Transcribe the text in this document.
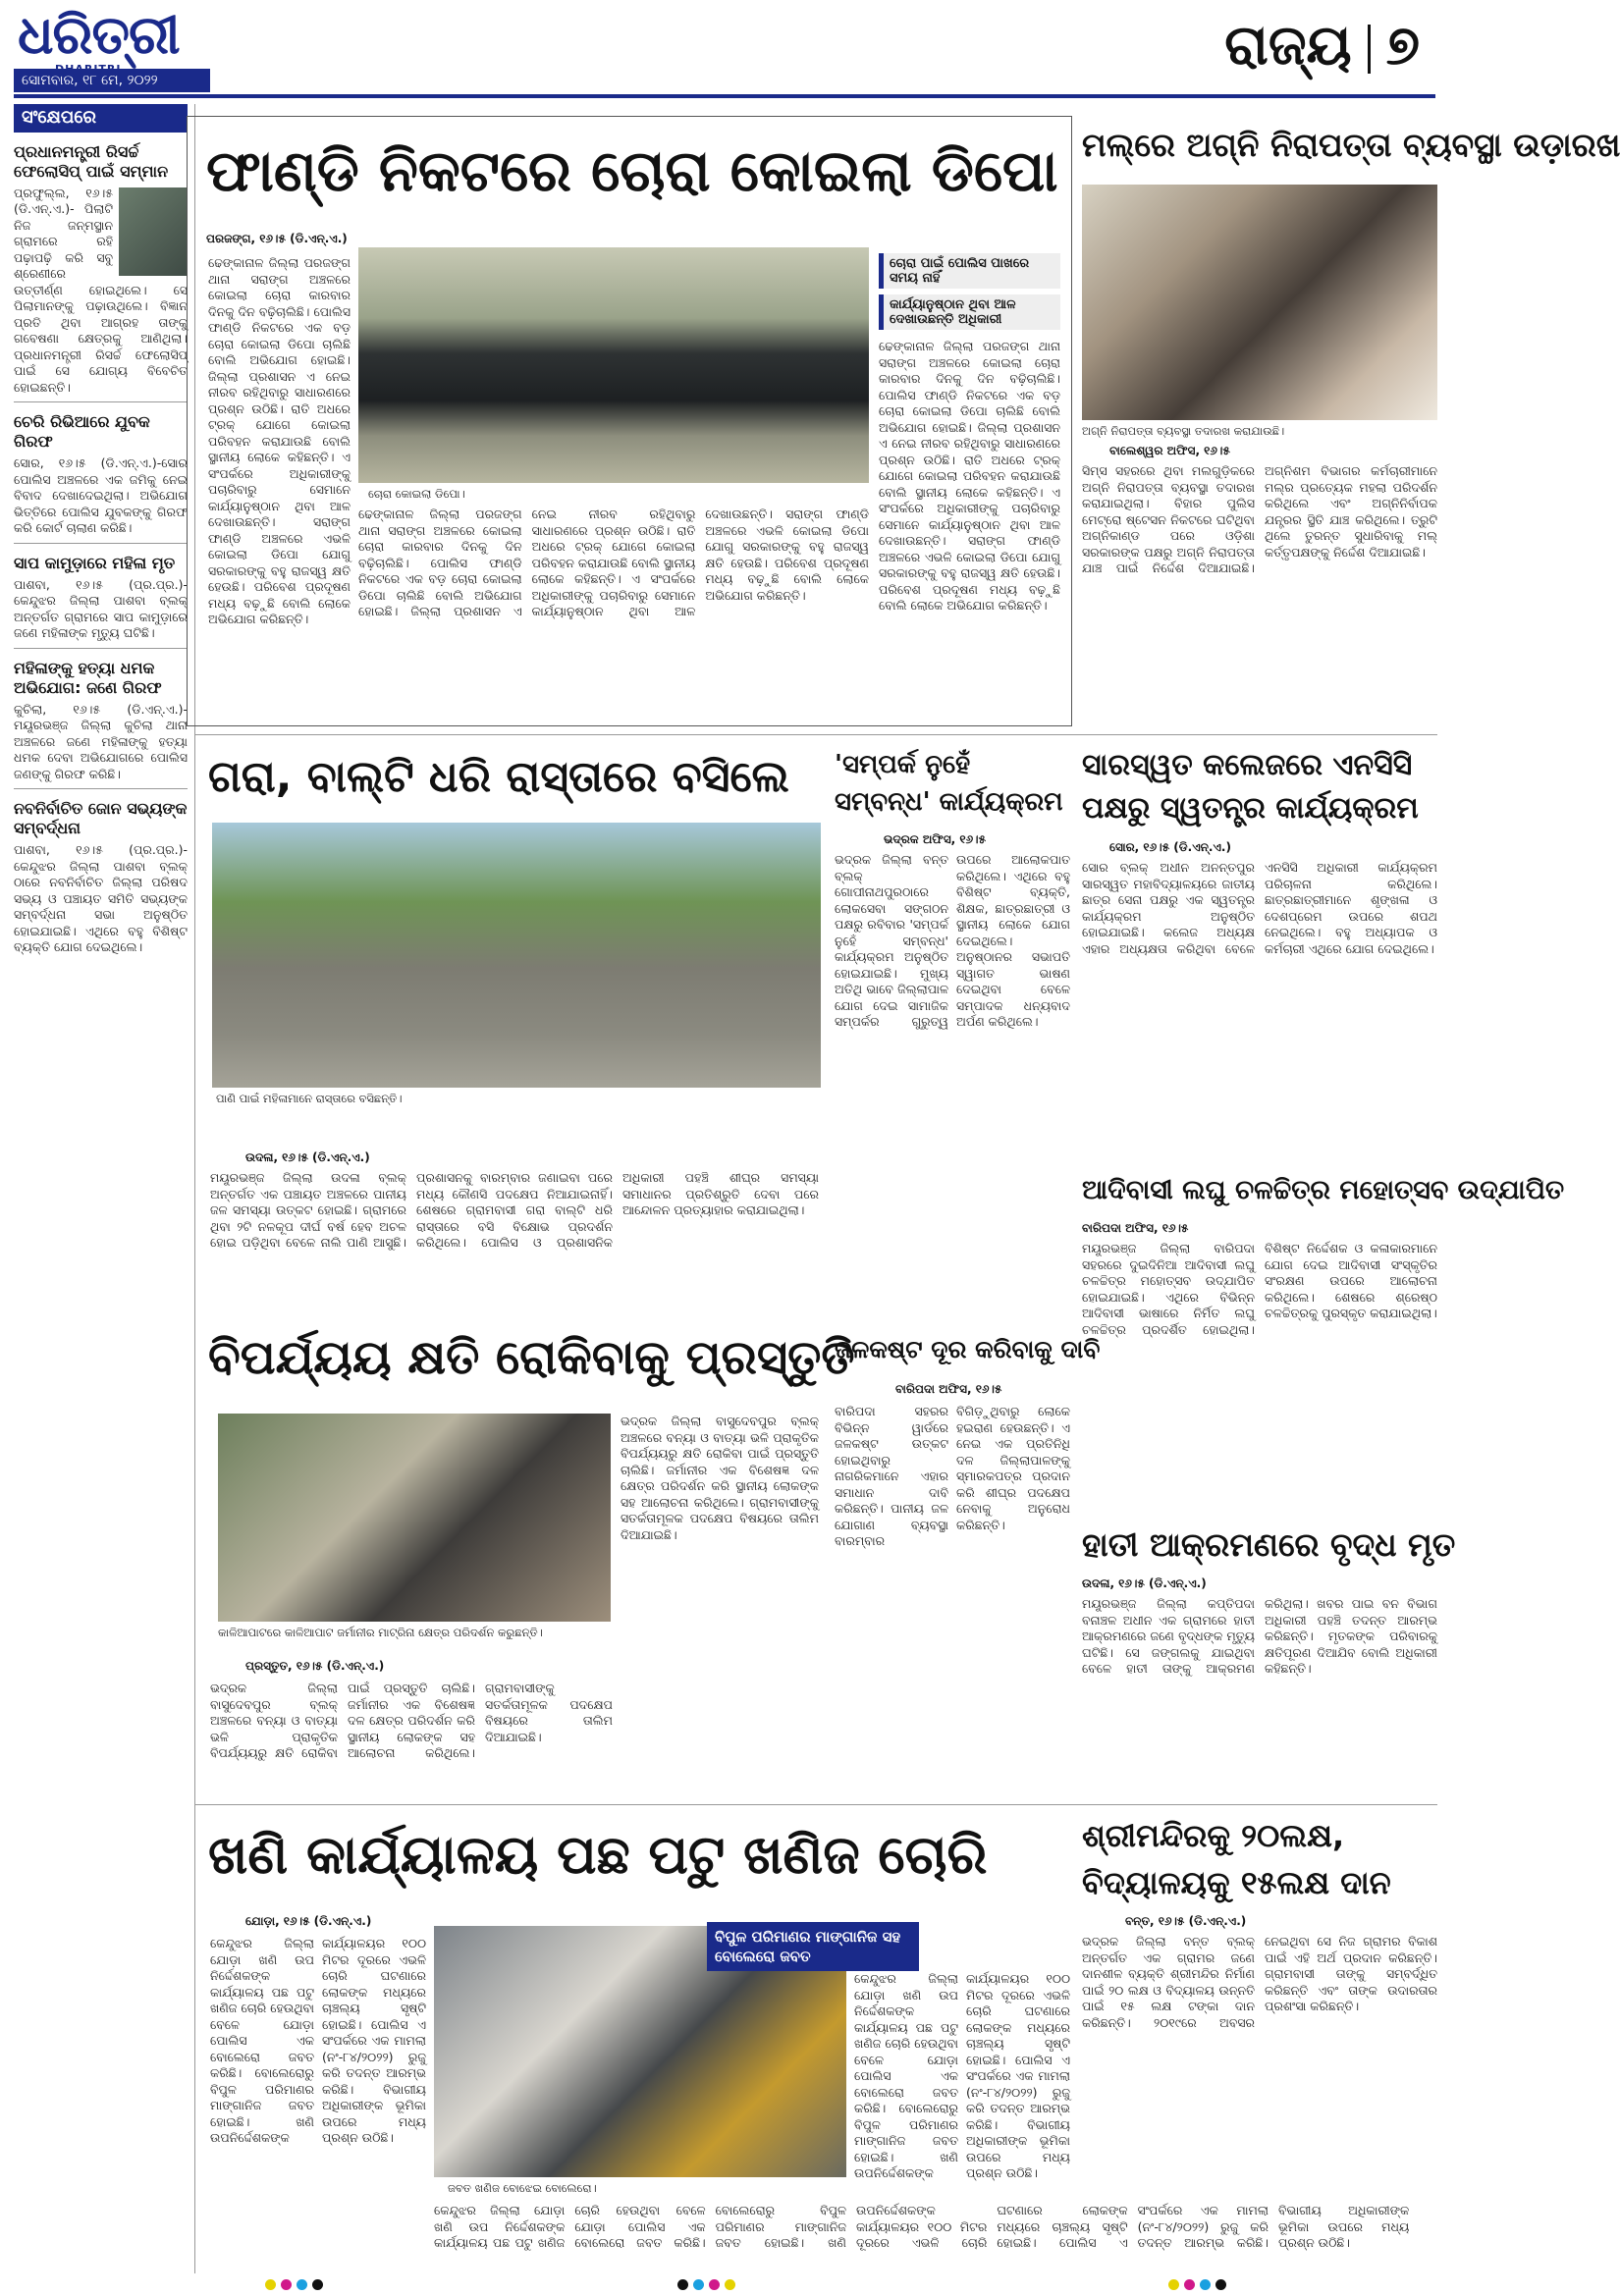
ଧରିତ୍ରୀ
ସୋମବାର, ୧୮ ମେ, ୨୦୨୨
ରାଜ୍ୟ ୭
ସଂକ୍ଷେପରେ
ପ୍ରଧାନମନ୍ତ୍ରୀ ରିସର୍ଚ୍ଚ ଫେଲୋସିପ୍ ପାଇଁ ସମ୍ମାନ

ପ୍ରଫୁଲ୍ଲ, ୧୬।୫ (ଡି.ଏନ୍.ଏ.)- ପିଲାଟି ନିଜ ଜନ୍ମସ୍ଥାନ ଗ୍ରାମରେ ରହି ପଢ଼ାପଢ଼ି କରି ସବୁ ଶ୍ରେଣୀରେ ଉତ୍ତୀର୍ଣ୍ଣ ହୋଇଥିଲେ। ସେ ପିଲାମାନଙ୍କୁ ପଢ଼ାଉଥିଲେ। ବିଜ୍ଞାନ ପ୍ରତି ଥିବା ଆଗ୍ରହ ତାଙ୍କୁ ଗବେଷଣା କ୍ଷେତ୍ରକୁ ଆଣିଥିଲା। ପ୍ରଧାନମନ୍ତ୍ରୀ ରିସର୍ଚ୍ଚ ଫେଲୋସିପ୍ ପାଇଁ ସେ ଯୋଗ୍ୟ ବିବେଚିତ ହୋଇଛନ୍ତି।

ଚେରି ରିଭିଆରେ ଯୁବକ ଗିରଫ

ସୋର, ୧୬।୫ (ଡି.ଏନ୍.ଏ.)-ସୋର ପୋଲିସ ଅଞ୍ଚଳରେ ଏକ ଜମିକୁ ନେଇ ବିବାଦ ଦେଖାଦେଇଥିଲା। ଅଭିଯୋଗ ଭିତ୍ତିରେ ପୋଲିସ ଯୁବକଙ୍କୁ ଗିରଫ କରି କୋର୍ଟ ଚାଲାଣ କରିଛି।

ସାପ କାମୁଡ଼ାରେ ମହିଳା ମୃତ

ପାଶବା, ୧୬।୫ (ପ୍ର.ପ୍ର.)- କେନ୍ଦୁଝର ଜିଲ୍ଲା ପାଶବା ବ୍ଲକ୍ ଅନ୍ତର୍ଗତ ଗ୍ରାମରେ ସାପ କାମୁଡ଼ାରେ ଜଣେ ମହିଳାଙ୍କ ମୃତ୍ୟୁ ଘଟିଛି।

ମହିଳାଙ୍କୁ ହତ୍ୟା ଧମକ ଅଭିଯୋଗ: ଜଣେ ଗିରଫ

କୁଚିଲା, ୧୬।୫ (ଡି.ଏନ୍.ଏ.)- ମୟୂରଭଞ୍ଜ ଜିଲ୍ଲା କୁଚିଲା ଥାନା ଅଞ୍ଚଳରେ ଜଣେ ମହିଳାଙ୍କୁ ହତ୍ୟା ଧମକ ଦେବା ଅଭିଯୋଗରେ ପୋଲିସ ଜଣଙ୍କୁ ଗିରଫ କରିଛି।

ନବନିର୍ବାଚିତ ଜୋନ ସଭ୍ୟଙ୍କ ସମ୍ବର୍ଦ୍ଧନା

ପାଶବା, ୧୬।୫ (ପ୍ର.ପ୍ର.)- କେନ୍ଦୁଝର ଜିଲ୍ଲା ପାଶବା ବ୍ଲକ୍ ଠାରେ ନବନିର୍ବାଚିତ ଜିଲ୍ଲା ପରିଷଦ ସଭ୍ୟ ଓ ପଞ୍ଚାୟତ ସମିତି ସଭ୍ୟଙ୍କ ସମ୍ବର୍ଦ୍ଧନା ସଭା ଅନୁଷ୍ଠିତ ହୋଇଯାଇଛି। ଏଥିରେ ବହୁ ବିଶିଷ୍ଟ ବ୍ୟକ୍ତି ଯୋଗ ଦେଇଥିଲେ।

ଫାଣ୍ଡି ନିକଟରେ ଚୋରା କୋଇଲା ଡିପୋ
ପରଜଙ୍ଗ, ୧୬।୫ (ଡି.ଏନ୍.ଏ.)
ଚୋରା କୋଇଲା ଡିପୋ।
ଚୋରା ପାଇଁ ପୋଲିସ ପାଖରେ ସମୟ ନାହିଁ
କାର୍ଯ୍ୟାନୁଷ୍ଠାନ ଥିବା ଆଳ ଦେଖାଉଛନ୍ତି ଅଧିକାରୀ
ଢେଙ୍କାନାଳ ଜିଲ୍ଲା ପରଜଙ୍ଗ ଥାନା ସରାଙ୍ଗ ଅଞ୍ଚଳରେ କୋଇଲା ଚୋରା କାରବାର ଦିନକୁ ଦିନ ବଢ଼ିଚାଲିଛି। ପୋଲିସ ଫାଣ୍ଡି ନିକଟରେ ଏକ ବଡ଼ ଚୋରା କୋଇଲା ଡିପୋ ଚାଲିଛି ବୋଲି ଅଭିଯୋଗ ହୋଇଛି। ଜିଲ୍ଲା ପ୍ରଶାସନ ଏ ନେଇ ନୀରବ ରହିଥିବାରୁ ସାଧାରଣରେ ପ୍ରଶ୍ନ ଉଠିଛି। ରାତି ଅଧରେ ଟ୍ରକ୍ ଯୋଗେ କୋଇଲା ପରିବହନ କରାଯାଉଛି ବୋଲି ସ୍ଥାନୀୟ ଲୋକେ କହିଛନ୍ତି। ଏ ସଂପର୍କରେ ଅଧିକାରୀଙ୍କୁ ପଚାରିବାରୁ ସେମାନେ କାର୍ଯ୍ୟାନୁଷ୍ଠାନ ଥିବା ଆଳ ଦେଖାଉଛନ୍ତି। ସରାଙ୍ଗ ଫାଣ୍ଡି ଅଞ୍ଚଳରେ ଏଭଳି କୋଇଲା ଡିପୋ ଯୋଗୁ ସରକାରଙ୍କୁ ବହୁ ରାଜସ୍ୱ କ୍ଷତି ହେଉଛି। ପରିବେଶ ପ୍ରଦୂଷଣ ମଧ୍ୟ ବଢ଼ୁଛି ବୋଲି ଲୋକେ ଅଭିଯୋଗ କରିଛନ୍ତି।
ଢେଙ୍କାନାଳ ଜିଲ୍ଲା ପରଜଙ୍ଗ ଥାନା ସରାଙ୍ଗ ଅଞ୍ଚଳରେ କୋଇଲା ଚୋରା କାରବାର ଦିନକୁ ଦିନ ବଢ଼ିଚାଲିଛି। ପୋଲିସ ଫାଣ୍ଡି ନିକଟରେ ଏକ ବଡ଼ ଚୋରା କୋଇଲା ଡିପୋ ଚାଲିଛି ବୋଲି ଅଭିଯୋଗ ହୋଇଛି। ଜିଲ୍ଲା ପ୍ରଶାସନ ଏ ନେଇ ନୀରବ ରହିଥିବାରୁ ସାଧାରଣରେ ପ୍ରଶ୍ନ ଉଠିଛି। ରାତି ଅଧରେ ଟ୍ରକ୍ ଯୋଗେ କୋଇଲା ପରିବହନ କରାଯାଉଛି ବୋଲି ସ୍ଥାନୀୟ ଲୋକେ କହିଛନ୍ତି। ଏ ସଂପର୍କରେ ଅଧିକାରୀଙ୍କୁ ପଚାରିବାରୁ ସେମାନେ କାର୍ଯ୍ୟାନୁଷ୍ଠାନ ଥିବା ଆଳ ଦେଖାଉଛନ୍ତି। ସରାଙ୍ଗ ଫାଣ୍ଡି ଅଞ୍ଚଳରେ ଏଭଳି କୋଇଲା ଡିପୋ ଯୋଗୁ ସରକାରଙ୍କୁ ବହୁ ରାଜସ୍ୱ କ୍ଷତି ହେଉଛି। ପରିବେଶ ପ୍ରଦୂଷଣ ମଧ୍ୟ ବଢ଼ୁଛି ବୋଲି ଲୋକେ ଅଭିଯୋଗ କରିଛନ୍ତି।
ଢେଙ୍କାନାଳ ଜିଲ୍ଲା ପରଜଙ୍ଗ ଥାନା ସରାଙ୍ଗ ଅଞ୍ଚଳରେ କୋଇଲା ଚୋରା କାରବାର ଦିନକୁ ଦିନ ବଢ଼ିଚାଲିଛି। ପୋଲିସ ଫାଣ୍ଡି ନିକଟରେ ଏକ ବଡ଼ ଚୋରା କୋଇଲା ଡିପୋ ଚାଲିଛି ବୋଲି ଅଭିଯୋଗ ହୋଇଛି। ଜିଲ୍ଲା ପ୍ରଶାସନ ଏ ନେଇ ନୀରବ ରହିଥିବାରୁ ସାଧାରଣରେ ପ୍ରଶ୍ନ ଉଠିଛି। ରାତି ଅଧରେ ଟ୍ରକ୍ ଯୋଗେ କୋଇଲା ପରିବହନ କରାଯାଉଛି ବୋଲି ସ୍ଥାନୀୟ ଲୋକେ କହିଛନ୍ତି। ଏ ସଂପର୍କରେ ଅଧିକାରୀଙ୍କୁ ପଚାରିବାରୁ ସେମାନେ କାର୍ଯ୍ୟାନୁଷ୍ଠାନ ଥିବା ଆଳ ଦେଖାଉଛନ୍ତି। ସରାଙ୍ଗ ଫାଣ୍ଡି ଅଞ୍ଚଳରେ ଏଭଳି କୋଇଲା ଡିପୋ ଯୋଗୁ ସରକାରଙ୍କୁ ବହୁ ରାଜସ୍ୱ କ୍ଷତି ହେଉଛି। ପରିବେଶ ପ୍ରଦୂଷଣ ମଧ୍ୟ ବଢ଼ୁଛି ବୋଲି ଲୋକେ ଅଭିଯୋଗ କରିଛନ୍ତି।
ମଲ୍ରେ ଅଗ୍ନି ନିରାପତ୍ତା ବ୍ୟବସ୍ଥା ଉଡ଼ାରଖ
ଅଗ୍ନି ନିରାପତ୍ତା ବ୍ୟବସ୍ଥା ତଦାରଖ କରାଯାଉଛି।
ବାଲେଶ୍ୱର ଅଫିସ, ୧୬।୫
ସିମ୍ସ ସହରରେ ଥିବା ମଲଗୁଡ଼ିକରେ ଅଗ୍ନି ନିରାପତ୍ତା ବ୍ୟବସ୍ଥା ତଦାରଖ କରାଯାଇଥିଲା। ବିହାର ପୁଲିସ ମେଟ୍ରୋ ଷ୍ଟେସନ ନିକଟରେ ଘଟିଥିବା ଅଗ୍ନିକାଣ୍ଡ ପରେ ଓଡ଼ିଶା ସରକାରଙ୍କ ପକ୍ଷରୁ ଅଗ୍ନି ନିରାପତ୍ତା ଯାଞ୍ଚ ପାଇଁ ନିର୍ଦ୍ଦେଶ ଦିଆଯାଇଛି। ଅଗ୍ନିଶମ ବିଭାଗର କର୍ମଚାରୀମାନେ ମଲ୍ର ପ୍ରତ୍ୟେକ ମହଲା ପରିଦର୍ଶନ କରିଥିଲେ ଏବଂ ଅଗ୍ନିନିର୍ବାପକ ଯନ୍ତ୍ରର ସ୍ଥିତି ଯାଞ୍ଚ କରିଥିଲେ। ତ୍ରୁଟି ଥିଲେ ତୁରନ୍ତ ସୁଧାରିବାକୁ ମଲ୍ କର୍ତ୍ତୃପକ୍ଷଙ୍କୁ ନିର୍ଦ୍ଦେଶ ଦିଆଯାଇଛି।
ଗରା, ବାଲ୍ଟି ଧରି ରାସ୍ତାରେ ବସିଲେ
ପାଣି ପାଇଁ ମହିଳାମାନେ ରାସ୍ତାରେ ବସିଛନ୍ତି।
ଉଦଳା, ୧୬।୫ (ଡି.ଏନ୍.ଏ.)
ମୟୂରଭଞ୍ଜ ଜିଲ୍ଲା ଉଦଳା ବ୍ଲକ୍ ଅନ୍ତର୍ଗତ ଏକ ପଞ୍ଚାୟତ ଅଞ୍ଚଳରେ ପାନୀୟ ଜଳ ସମସ୍ୟା ଉତ୍କଟ ହୋଇଛି। ଗ୍ରାମରେ ଥିବା ୨ଟି ନଳକୂପ ଦୀର୍ଘ ବର୍ଷ ହେବ ଅଚଳ ହୋଇ ପଡ଼ିଥିବା ବେଳେ ନାଲି ପାଣି ଆସୁଛି। ପ୍ରଶାସନକୁ ବାରମ୍ବାର ଜଣାଇବା ପରେ ମଧ୍ୟ କୌଣସି ପଦକ୍ଷେପ ନିଆଯାଇନାହିଁ। ଶେଷରେ ଗ୍ରାମବାସୀ ଗରା ବାଲ୍ଟି ଧରି ରାସ୍ତାରେ ବସି ବିକ୍ଷୋଭ ପ୍ରଦର୍ଶନ କରିଥିଲେ। ପୋଲିସ ଓ ପ୍ରଶାସନିକ ଅଧିକାରୀ ପହଞ୍ଚି ଶୀଘ୍ର ସମସ୍ୟା ସମାଧାନର ପ୍ରତିଶ୍ରୁତି ଦେବା ପରେ ଆନ୍ଦୋଳନ ପ୍ରତ୍ୟାହାର କରାଯାଇଥିଲା।
'ସମ୍ପର୍କ ନୁହେଁ ସମ୍ବନ୍ଧ' କାର୍ଯ୍ୟକ୍ରମ
ଭଦ୍ରକ ଅଫିସ, ୧୬।୫
ଭଦ୍ରକ ଜିଲ୍ଲା ବନ୍ତ ବ୍ଲକ୍ ଗୋପୀନାଥପୁରଠାରେ ଲୋକସେବା ସଙ୍ଗଠନ ପକ୍ଷରୁ ରବିବାର 'ସମ୍ପର୍କ ନୁହେଁ ସମ୍ବନ୍ଧ' କାର୍ଯ୍ୟକ୍ରମ ଅନୁଷ୍ଠିତ ହୋଇଯାଇଛି। ମୁଖ୍ୟ ଅତିଥି ଭାବେ ଜିଲ୍ଲାପାଳ ଯୋଗ ଦେଇ ସାମାଜିକ ସମ୍ପର୍କର ଗୁରୁତ୍ୱ ଉପରେ ଆଲୋକପାତ କରିଥିଲେ। ଏଥିରେ ବହୁ ବିଶିଷ୍ଟ ବ୍ୟକ୍ତି, ଶିକ୍ଷକ, ଛାତ୍ରଛାତ୍ରୀ ଓ ସ୍ଥାନୀୟ ଲୋକେ ଯୋଗ ଦେଇଥିଲେ। ଅନୁଷ୍ଠାନର ସଭାପତି ସ୍ୱାଗତ ଭାଷଣ ଦେଇଥିବା ବେଳେ ସମ୍ପାଦକ ଧନ୍ୟବାଦ ଅର୍ପଣ କରିଥିଲେ।
ସାରସ୍ୱତ କଲେଜରେ ଏନସିସି ପକ୍ଷରୁ ସ୍ୱତନ୍ତ୍ର କାର୍ଯ୍ୟକ୍ରମ
ସୋର, ୧୬।୫ (ଡି.ଏନ୍.ଏ.)
ସୋର ବ୍ଲକ୍ ଅଧୀନ ଅନନ୍ତପୁର ସାରସ୍ୱତ ମହାବିଦ୍ୟାଳୟରେ ଜାତୀୟ ଛାତ୍ର ସେନା ପକ୍ଷରୁ ଏକ ସ୍ୱତନ୍ତ୍ର କାର୍ଯ୍ୟକ୍ରମ ଅନୁଷ୍ଠିତ ହୋଇଯାଇଛି। କଲେଜ ଅଧ୍ୟକ୍ଷ ଏହାର ଅଧ୍ୟକ୍ଷତା କରିଥିବା ବେଳେ ଏନସିସି ଅଧିକାରୀ କାର୍ଯ୍ୟକ୍ରମ ପରିଚାଳନା କରିଥିଲେ। ଛାତ୍ରଛାତ୍ରୀମାନେ ଶୃଙ୍ଖଳା ଓ ଦେଶପ୍ରେମ ଉପରେ ଶପଥ ନେଇଥିଲେ। ବହୁ ଅଧ୍ୟାପକ ଓ କର୍ମଚାରୀ ଏଥିରେ ଯୋଗ ଦେଇଥିଲେ।
ଆଦିବାସୀ ଲଘୁ ଚଳଚ୍ଚିତ୍ର ମହୋତ୍ସବ ଉଦ୍ଯାପିତ
ବାରିପଦା ଅଫିସ, ୧୬।୫
ମୟୂରଭଞ୍ଜ ଜିଲ୍ଲା ବାରିପଦା ସହରରେ ଦୁଇଦିନିଆ ଆଦିବାସୀ ଲଘୁ ଚଳଚ୍ଚିତ୍ର ମହୋତ୍ସବ ଉଦ୍ଯାପିତ ହୋଇଯାଇଛି। ଏଥିରେ ବିଭିନ୍ନ ଆଦିବାସୀ ଭାଷାରେ ନିର୍ମିତ ଲଘୁ ଚଳଚ୍ଚିତ୍ର ପ୍ରଦର୍ଶିତ ହୋଇଥିଲା। ବିଶିଷ୍ଟ ନିର୍ଦ୍ଦେଶକ ଓ କଳାକାରମାନେ ଯୋଗ ଦେଇ ଆଦିବାସୀ ସଂସ୍କୃତିର ସଂରକ୍ଷଣ ଉପରେ ଆଲୋଚନା କରିଥିଲେ। ଶେଷରେ ଶ୍ରେଷ୍ଠ ଚଳଚ୍ଚିତ୍ରକୁ ପୁରସ୍କୃତ କରାଯାଇଥିଲା।
ହାତୀ ଆକ୍ରମଣରେ ବୃଦ୍ଧ ମୃତ
ଉଦଳା, ୧୬।୫ (ଡି.ଏନ୍.ଏ.)
ମୟୂରଭଞ୍ଜ ଜିଲ୍ଲା କପ୍ତିପଦା ବନାଞ୍ଚଳ ଅଧୀନ ଏକ ଗ୍ରାମରେ ହାତୀ ଆକ୍ରମଣରେ ଜଣେ ବୃଦ୍ଧଙ୍କ ମୃତ୍ୟୁ ଘଟିଛି। ସେ ଜଙ୍ଗଲକୁ ଯାଇଥିବା ବେଳେ ହାତୀ ତାଙ୍କୁ ଆକ୍ରମଣ କରିଥିଲା। ଖବର ପାଇ ବନ ବିଭାଗ ଅଧିକାରୀ ପହଞ୍ଚି ତଦନ୍ତ ଆରମ୍ଭ କରିଛନ୍ତି। ମୃତକଙ୍କ ପରିବାରକୁ କ୍ଷତିପୂରଣ ଦିଆଯିବ ବୋଲି ଅଧିକାରୀ କହିଛନ୍ତି।
ବିପର୍ଯ୍ୟୟ କ୍ଷତି ରୋକିବାକୁ ପ୍ରସ୍ତୁତି
କାଳିଆପାଟରେ କାଳିଆପାଟ ଜର୍ମାନୀର ମାଟ୍ରିନା କ୍ଷେତ୍ର ପରିଦର୍ଶନ କରୁଛନ୍ତି।
ପ୍ରସ୍ତୁତ, ୧୬।୫ (ଡି.ଏନ୍.ଏ.)
ଭଦ୍ରକ ଜିଲ୍ଲା ବାସୁଦେବପୁର ବ୍ଲକ୍ ଅଞ୍ଚଳରେ ବନ୍ୟା ଓ ବାତ୍ୟା ଭଳି ପ୍ରାକୃତିକ ବିପର୍ଯ୍ୟୟରୁ କ୍ଷତି ରୋକିବା ପାଇଁ ପ୍ରସ୍ତୁତି ଚାଲିଛି। ଜର୍ମାନୀର ଏକ ବିଶେଷଜ୍ଞ ଦଳ କ୍ଷେତ୍ର ପରିଦର୍ଶନ କରି ସ୍ଥାନୀୟ ଲୋକଙ୍କ ସହ ଆଲୋଚନା କରିଥିଲେ। ଗ୍ରାମବାସୀଙ୍କୁ ସତର୍କତାମୂଳକ ପଦକ୍ଷେପ ବିଷୟରେ ତାଲିମ ଦିଆଯାଇଛି।
ଭଦ୍ରକ ଜିଲ୍ଲା ବାସୁଦେବପୁର ବ୍ଲକ୍ ଅଞ୍ଚଳରେ ବନ୍ୟା ଓ ବାତ୍ୟା ଭଳି ପ୍ରାକୃତିକ ବିପର୍ଯ୍ୟୟରୁ କ୍ଷତି ରୋକିବା ପାଇଁ ପ୍ରସ୍ତୁତି ଚାଲିଛି। ଜର୍ମାନୀର ଏକ ବିଶେଷଜ୍ଞ ଦଳ କ୍ଷେତ୍ର ପରିଦର୍ଶନ କରି ସ୍ଥାନୀୟ ଲୋକଙ୍କ ସହ ଆଲୋଚନା କରିଥିଲେ। ଗ୍ରାମବାସୀଙ୍କୁ ସତର୍କତାମୂଳକ ପଦକ୍ଷେପ ବିଷୟରେ ତାଲିମ ଦିଆଯାଇଛି।
ଜଳକଷ୍ଟ ଦୂର କରିବାକୁ ଦାବି
ବାରିପଦା ଅଫିସ, ୧୬।୫
ବାରିପଦା ସହରର ବିଭିନ୍ନ ୱାର୍ଡରେ ଜଳକଷ୍ଟ ଉତ୍କଟ ହୋଇଥିବାରୁ ନାଗରିକମାନେ ଏହାର ସମାଧାନ ଦାବି କରିଛନ୍ତି। ପାନୀୟ ଜଳ ଯୋଗାଣ ବ୍ୟବସ୍ଥା ବାରମ୍ବାର ବିଗିଡ଼ୁଥିବାରୁ ଲୋକେ ହଇରାଣ ହେଉଛନ୍ତି। ଏ ନେଇ ଏକ ପ୍ରତିନିଧି ଦଳ ଜିଲ୍ଲାପାଳଙ୍କୁ ସ୍ମାରକପତ୍ର ପ୍ରଦାନ କରି ଶୀଘ୍ର ପଦକ୍ଷେପ ନେବାକୁ ଅନୁରୋଧ କରିଛନ୍ତି।
ଖଣି କାର୍ଯ୍ୟାଳୟ ପଛ ପଟୁ ଖଣିଜ ଚୋରି
ଯୋଡ଼ା, ୧୬।୫ (ଡି.ଏନ୍.ଏ.)
ଜବତ ଖଣିଜ ବୋଝେଇ ବୋଲେରୋ।
ବିପୁଳ ପରିମାଣର ମାଙ୍ଗାନିଜ ସହ ବୋଲେରୋ ଜବତ
କେନ୍ଦୁଝର ଜିଲ୍ଲା ଯୋଡ଼ା ଖଣି ଉପ ନିର୍ଦ୍ଦେଶକଙ୍କ କାର୍ଯ୍ୟାଳୟ ପଛ ପଟୁ ଖଣିଜ ଚୋରି ହେଉଥିବା ବେଳେ ଯୋଡ଼ା ପୋଲିସ ଏକ ବୋଲେରୋ ଜବତ କରିଛି। ବୋଲେରୋରୁ ବିପୁଳ ପରିମାଣର ମାଙ୍ଗାନିଜ ଜବତ ହୋଇଛି। ଖଣି ଉପନିର୍ଦ୍ଦେଶକଙ୍କ କାର୍ଯ୍ୟାଳୟର ୧୦୦ ମିଟର ଦୂରରେ ଏଭଳି ଚୋରି ଘଟଣାରେ ଲୋକଙ୍କ ମଧ୍ୟରେ ଚାଞ୍ଚଲ୍ୟ ସୃଷ୍ଟି ହୋଇଛି। ପୋଲିସ ଏ ସଂପର୍କରେ ଏକ ମାମଲା (ନଂ-୮୪/୨୦୨୨) ରୁଜୁ କରି ତଦନ୍ତ ଆରମ୍ଭ କରିଛି। ବିଭାଗୀୟ ଅଧିକାରୀଙ୍କ ଭୂମିକା ଉପରେ ମଧ୍ୟ ପ୍ରଶ୍ନ ଉଠିଛି।
କେନ୍ଦୁଝର ଜିଲ୍ଲା ଯୋଡ଼ା ଖଣି ଉପ ନିର୍ଦ୍ଦେଶକଙ୍କ କାର୍ଯ୍ୟାଳୟ ପଛ ପଟୁ ଖଣିଜ ଚୋରି ହେଉଥିବା ବେଳେ ଯୋଡ଼ା ପୋଲିସ ଏକ ବୋଲେରୋ ଜବତ କରିଛି। ବୋଲେରୋରୁ ବିପୁଳ ପରିମାଣର ମାଙ୍ଗାନିଜ ଜବତ ହୋଇଛି। ଖଣି ଉପନିର୍ଦ୍ଦେଶକଙ୍କ କାର୍ଯ୍ୟାଳୟର ୧୦୦ ମିଟର ଦୂରରେ ଏଭଳି ଚୋରି ଘଟଣାରେ ଲୋକଙ୍କ ମଧ୍ୟରେ ଚାଞ୍ଚଲ୍ୟ ସୃଷ୍ଟି ହୋଇଛି। ପୋଲିସ ଏ ସଂପର୍କରେ ଏକ ମାମଲା (ନଂ-୮୪/୨୦୨୨) ରୁଜୁ କରି ତଦନ୍ତ ଆରମ୍ଭ କରିଛି। ବିଭାଗୀୟ ଅଧିକାରୀଙ୍କ ଭୂମିକା ଉପରେ ମଧ୍ୟ ପ୍ରଶ୍ନ ଉଠିଛି।
କେନ୍ଦୁଝର ଜିଲ୍ଲା ଯୋଡ଼ା ଖଣି ଉପ ନିର୍ଦ୍ଦେଶକଙ୍କ କାର୍ଯ୍ୟାଳୟ ପଛ ପଟୁ ଖଣିଜ ଚୋରି ହେଉଥିବା ବେଳେ ଯୋଡ଼ା ପୋଲିସ ଏକ ବୋଲେରୋ ଜବତ କରିଛି। ବୋଲେରୋରୁ ବିପୁଳ ପରିମାଣର ମାଙ୍ଗାନିଜ ଜବତ ହୋଇଛି। ଖଣି ଉପନିର୍ଦ୍ଦେଶକଙ୍କ କାର୍ଯ୍ୟାଳୟର ୧୦୦ ମିଟର ଦୂରରେ ଏଭଳି ଚୋରି ଘଟଣାରେ ଲୋକଙ୍କ ମଧ୍ୟରେ ଚାଞ୍ଚଲ୍ୟ ସୃଷ୍ଟି ହୋଇଛି। ପୋଲିସ ଏ ସଂପର୍କରେ ଏକ ମାମଲା (ନଂ-୮୪/୨୦୨୨) ରୁଜୁ କରି ତଦନ୍ତ ଆରମ୍ଭ କରିଛି। ବିଭାଗୀୟ ଅଧିକାରୀଙ୍କ ଭୂମିକା ଉପରେ ମଧ୍ୟ ପ୍ରଶ୍ନ ଉଠିଛି।
ଶ୍ରୀମନ୍ଦିରକୁ ୨୦ଲକ୍ଷ, ବିଦ୍ୟାଳୟକୁ ୧୫ଲକ୍ଷ ଦାନ
ବନ୍ତ, ୧୬।୫ (ଡି.ଏନ୍.ଏ.)
ଭଦ୍ରକ ଜିଲ୍ଲା ବନ୍ତ ବ୍ଲକ୍ ଅନ୍ତର୍ଗତ ଏକ ଗ୍ରାମର ଜଣେ ଦାନଶୀଳ ବ୍ୟକ୍ତି ଶ୍ରୀମନ୍ଦିର ନିର୍ମାଣ ପାଇଁ ୨୦ ଲକ୍ଷ ଓ ବିଦ୍ୟାଳୟ ଉନ୍ନତି ପାଇଁ ୧୫ ଲକ୍ଷ ଟଙ୍କା ଦାନ କରିଛନ୍ତି। ୨୦୧୯ରେ ଅବସର ନେଇଥିବା ସେ ନିଜ ଗ୍ରାମର ବିକାଶ ପାଇଁ ଏହି ଅର୍ଥ ପ୍ରଦାନ କରିଛନ୍ତି। ଗ୍ରାମବାସୀ ତାଙ୍କୁ ସମ୍ବର୍ଦ୍ଧିତ କରିଛନ୍ତି ଏବଂ ତାଙ୍କ ଉଦାରତାର ପ୍ରଶଂସା କରିଛନ୍ତି।
